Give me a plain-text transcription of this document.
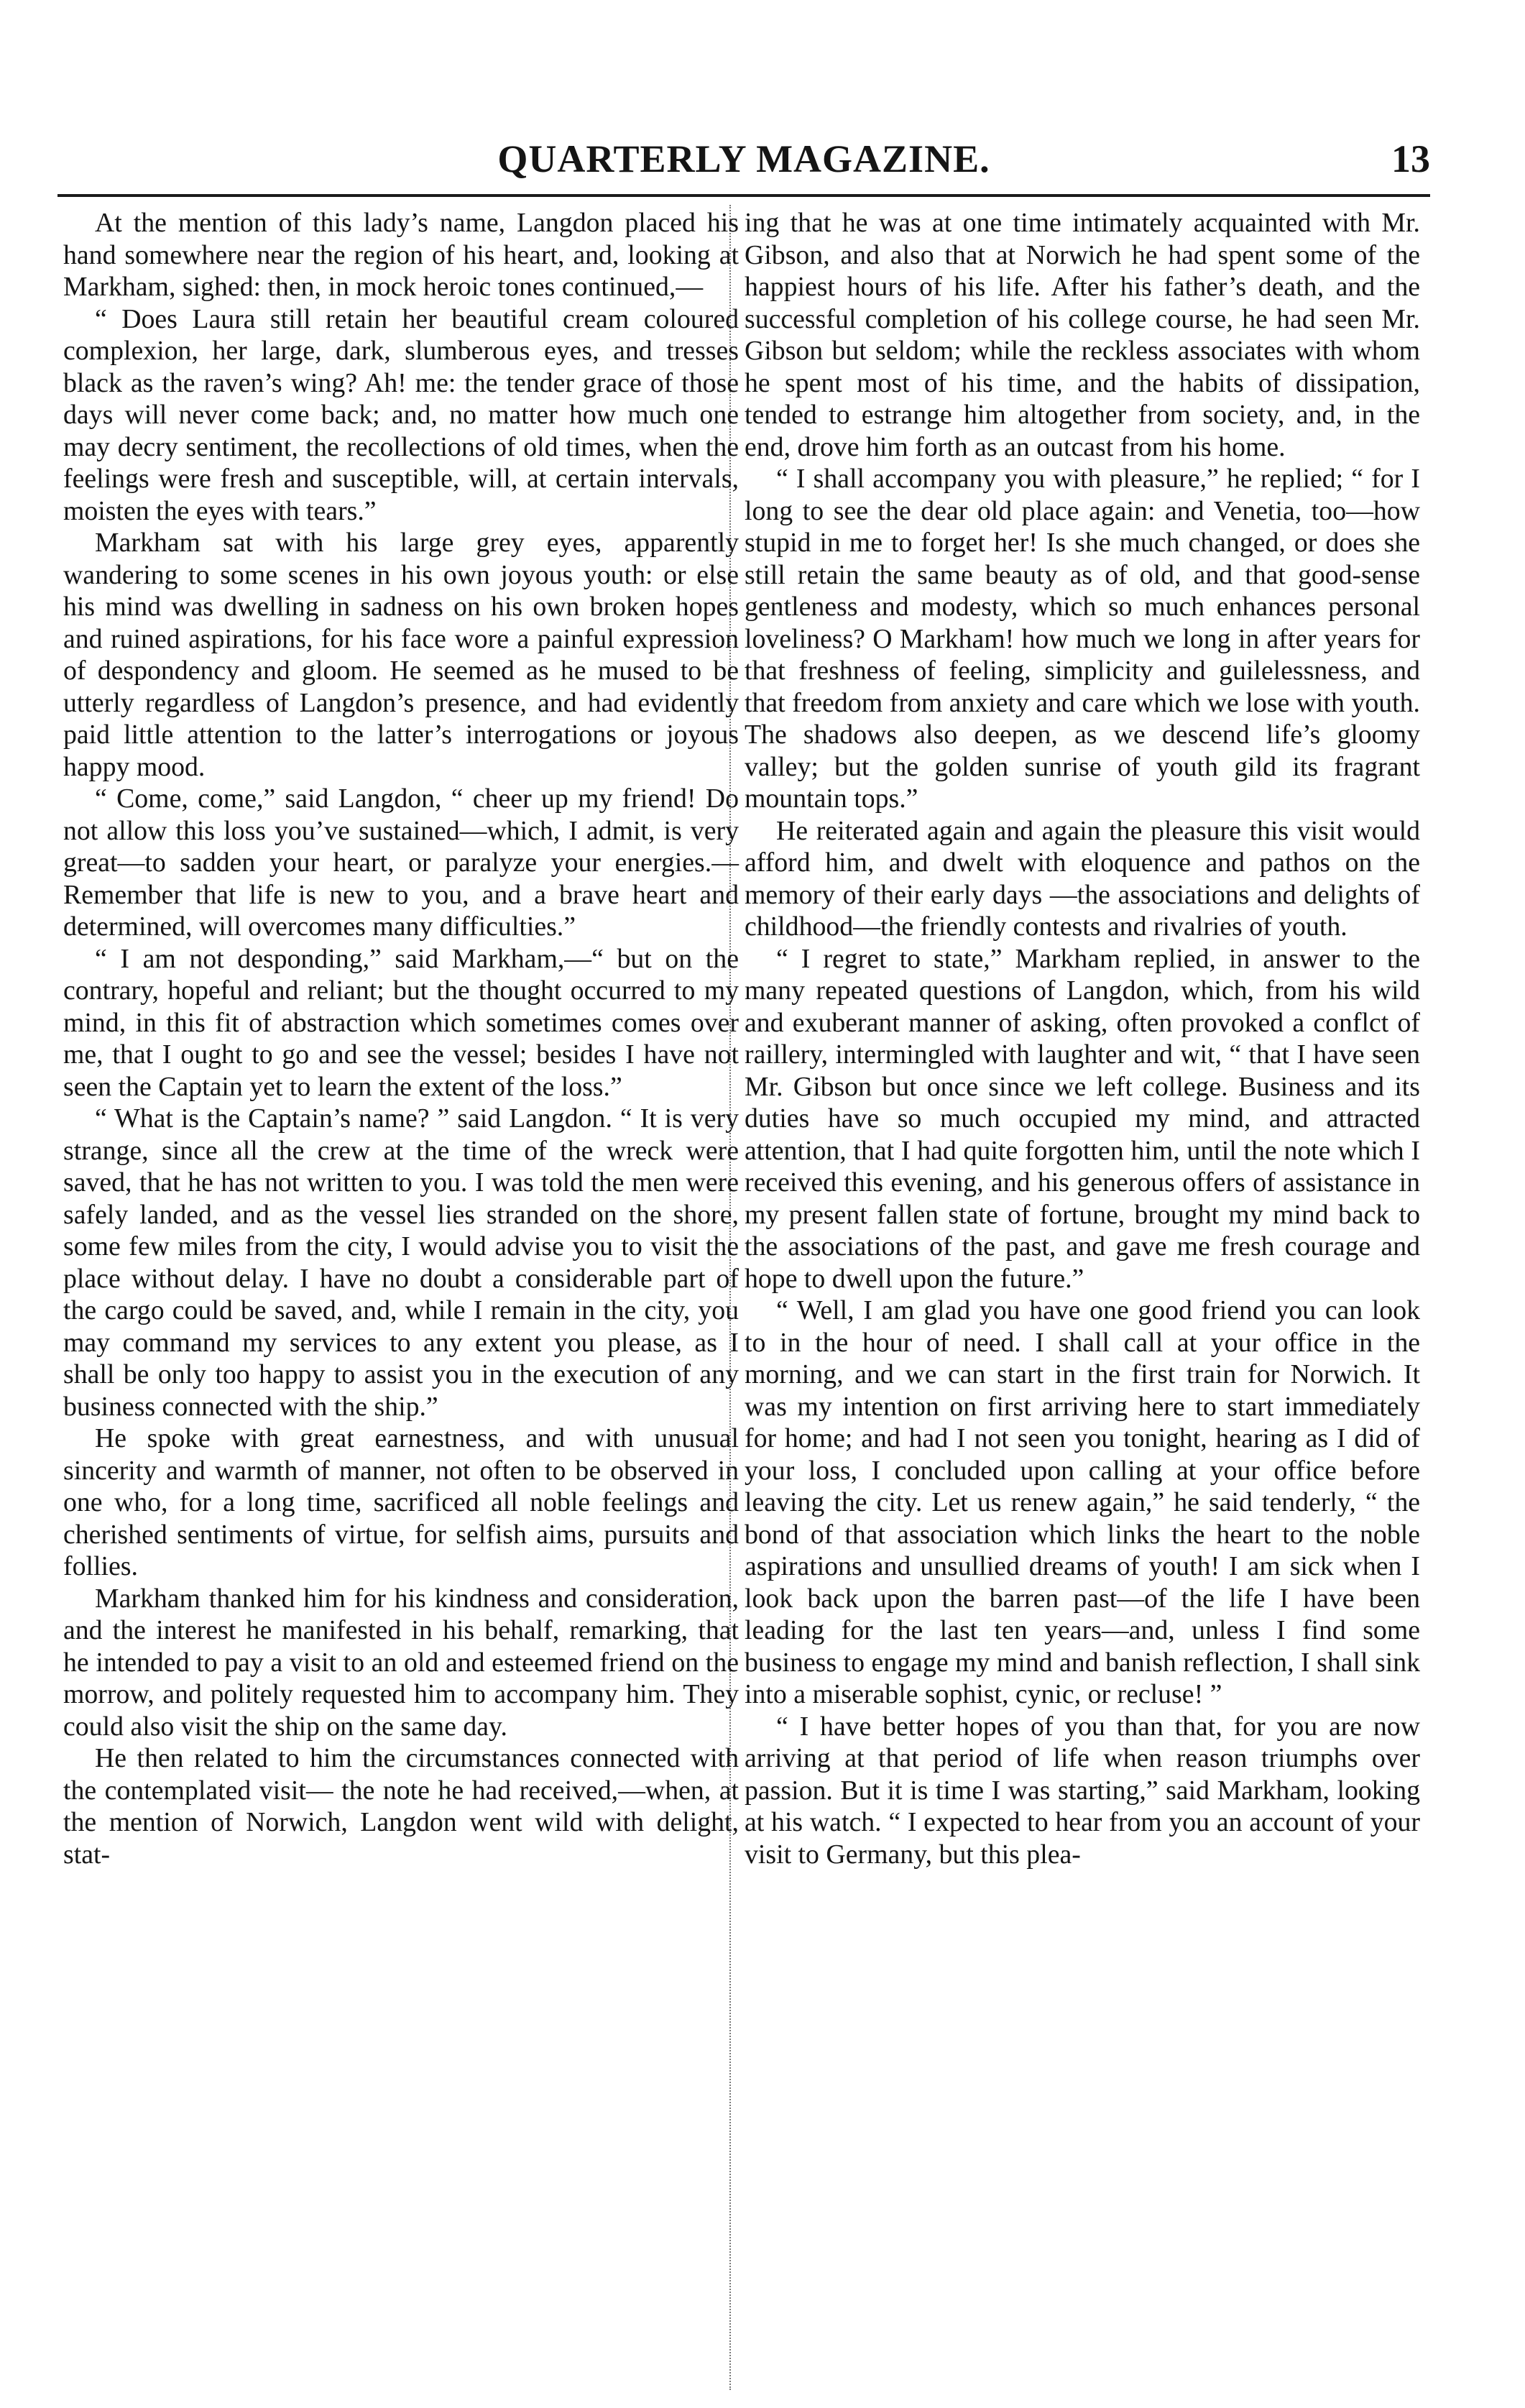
QUARTERLY MAGAZINE.	13

At the mention of this lady’s name, Langdon placed his hand somewhere near the region of his heart, and, looking at Markham, sighed: then, in mock heroic tones continued,—

“ Does Laura still retain her beautiful cream coloured complexion, her large, dark, slumberous eyes, and tresses black as the raven’s wing? Ah! me: the tender grace of those days will never come back; and, no matter how much one may decry sentiment, the recollections of old times, when the feelings were fresh and susceptible, will, at certain intervals, moisten the eyes with tears.”

Markham sat with his large grey eyes, apparently wandering to some scenes in his own joyous youth: or else his mind was dwelling in sadness on his own broken hopes and ruined aspirations, for his face wore a painful expression of despondency and gloom. He seemed as he mused to be utterly regardless of Langdon’s presence, and had evidently paid little attention to the latter’s interrogations or joyous happy mood.

“ Come, come,” said Langdon, “ cheer up my friend! Do not allow this loss you’ve sustained—which, I admit, is very great—to sadden your heart, or paralyze your energies.—Remember that life is new to you, and a brave heart and determined, will overcomes many difficulties.”

“ I am not desponding,” said Markham,—“ but on the contrary, hopeful and reliant; but the thought occurred to my mind, in this fit of abstraction which sometimes comes over me, that I ought to go and see the vessel; besides I have not seen the Captain yet to learn the extent of the loss.”

“ What is the Captain’s name? ” said Langdon. “ It is very strange, since all the crew at the time of the wreck were saved, that he has not written to you. I was told the men were safely landed, and as the vessel lies stranded on the shore, some few miles from the city, I would advise you to visit the place without delay. I have no doubt a considerable part of the cargo could be saved, and, while I remain in the city, you may command my services to any extent you please, as I shall be only too happy to assist you in the execution of any business connected with the ship.”

He spoke with great earnestness, and with unusual sincerity and warmth of manner, not often to be observed in one who, for a long time, sacrificed all noble feelings and cherished sentiments of virtue, for selfish aims, pursuits and follies.

Markham thanked him for his kindness and consideration, and the interest he manifested in his behalf, remarking, that he intended to pay a visit to an old and esteemed friend on the morrow, and politely requested him to accompany him. They could also visit the ship on the same day.

He then related to him the circumstances connected with the contemplated visit— the note he had received,—when, at the mention of Norwich, Langdon went wild with delight, stat-

ing that he was at one time intimately acquainted with Mr. Gibson, and also that at Norwich he had spent some of the happiest hours of his life. After his father’s death, and the successful completion of his college course, he had seen Mr. Gibson but seldom; while the reckless associates with whom he spent most of his time, and the habits of dissipation, tended to estrange him altogether from society, and, in the end, drove him forth as an outcast from his home.

“ I shall accompany you with pleasure,” he replied; “ for I long to see the dear old place again: and Venetia, too—how stupid in me to forget her! Is she much changed, or does she still retain the same beauty as of old, and that good-sense gentleness and modesty, which so much enhances personal loveliness? O Markham! how much we long in after years for that freshness of feeling, simplicity and guilelessness, and that freedom from anxiety and care which we lose with youth. The shadows also deepen, as we descend life’s gloomy valley; but the golden sunrise of youth gild its fragrant mountain tops.”

He reiterated again and again the pleasure this visit would afford him, and dwelt with eloquence and pathos on the memory of their early days —the associations and delights of childhood—the friendly contests and rivalries of youth.

“ I regret to state,” Markham replied, in answer to the many repeated questions of Langdon, which, from his wild and exuberant manner of asking, often provoked a conflct of raillery, intermingled with laughter and wit, “ that I have seen Mr. Gibson but once since we left college. Business and its duties have so much occupied my mind, and attracted attention, that I had quite forgotten him, until the note which I received this evening, and his generous offers of assistance in my present fallen state of fortune, brought my mind back to the associations of the past, and gave me fresh courage and hope to dwell upon the future.”

“ Well, I am glad you have one good friend you can look to in the hour of need. I shall call at your office in the morning, and we can start in the first train for Norwich. It was my intention on first arriving here to start immediately for home; and had I not seen you tonight, hearing as I did of your loss, I concluded upon calling at your office before leaving the city. Let us renew again,” he said tenderly, “ the bond of that association which links the heart to the noble aspirations and unsullied dreams of youth! I am sick when I look back upon the barren past—of the life I have been leading for the last ten years—and, unless I find some business to engage my mind and banish reflection, I shall sink into a miserable sophist, cynic, or recluse! ”

“ I have better hopes of you than that, for you are now arriving at that period of life when reason triumphs over passion. But it is time I was starting,” said Markham, looking at his watch. “ I expected to hear from you an account of your visit to Germany, but this plea-
